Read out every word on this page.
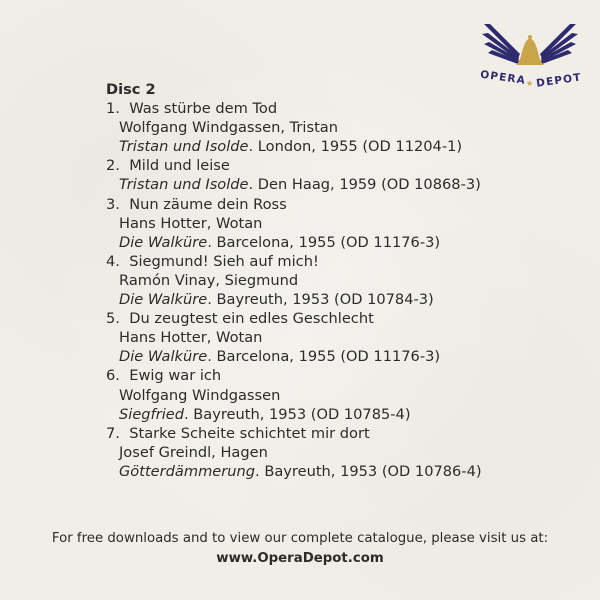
OPERA ★ DEPOT

Disc 2

1. Was stürbe dem Tod

Wolfgang Windgassen, Tristan

Tristan und Isolde. London, 1955 (OD 11204-1)

2. Mild und leise

Tristan und Isolde. Den Haag, 1959 (OD 10868-3)

3. Nun zäume dein Ross

Hans Hotter, Wotan

Die Walküre. Barcelona, 1955 (OD 11176-3)

4. Siegmund! Sieh auf mich!

Ramón Vinay, Siegmund

Die Walküre. Bayreuth, 1953 (OD 10784-3)

5. Du zeugtest ein edles Geschlecht

Hans Hotter, Wotan

Die Walküre. Barcelona, 1955 (OD 11176-3)

6. Ewig war ich

Wolfgang Windgassen

Siegfried. Bayreuth, 1953 (OD 10785-4)

7. Starke Scheite schichtet mir dort

Josef Greindl, Hagen

Götterdämmerung. Bayreuth, 1953 (OD 10786-4)

For free downloads and to view our complete catalogue, please visit us at:
www.OperaDepot.com
